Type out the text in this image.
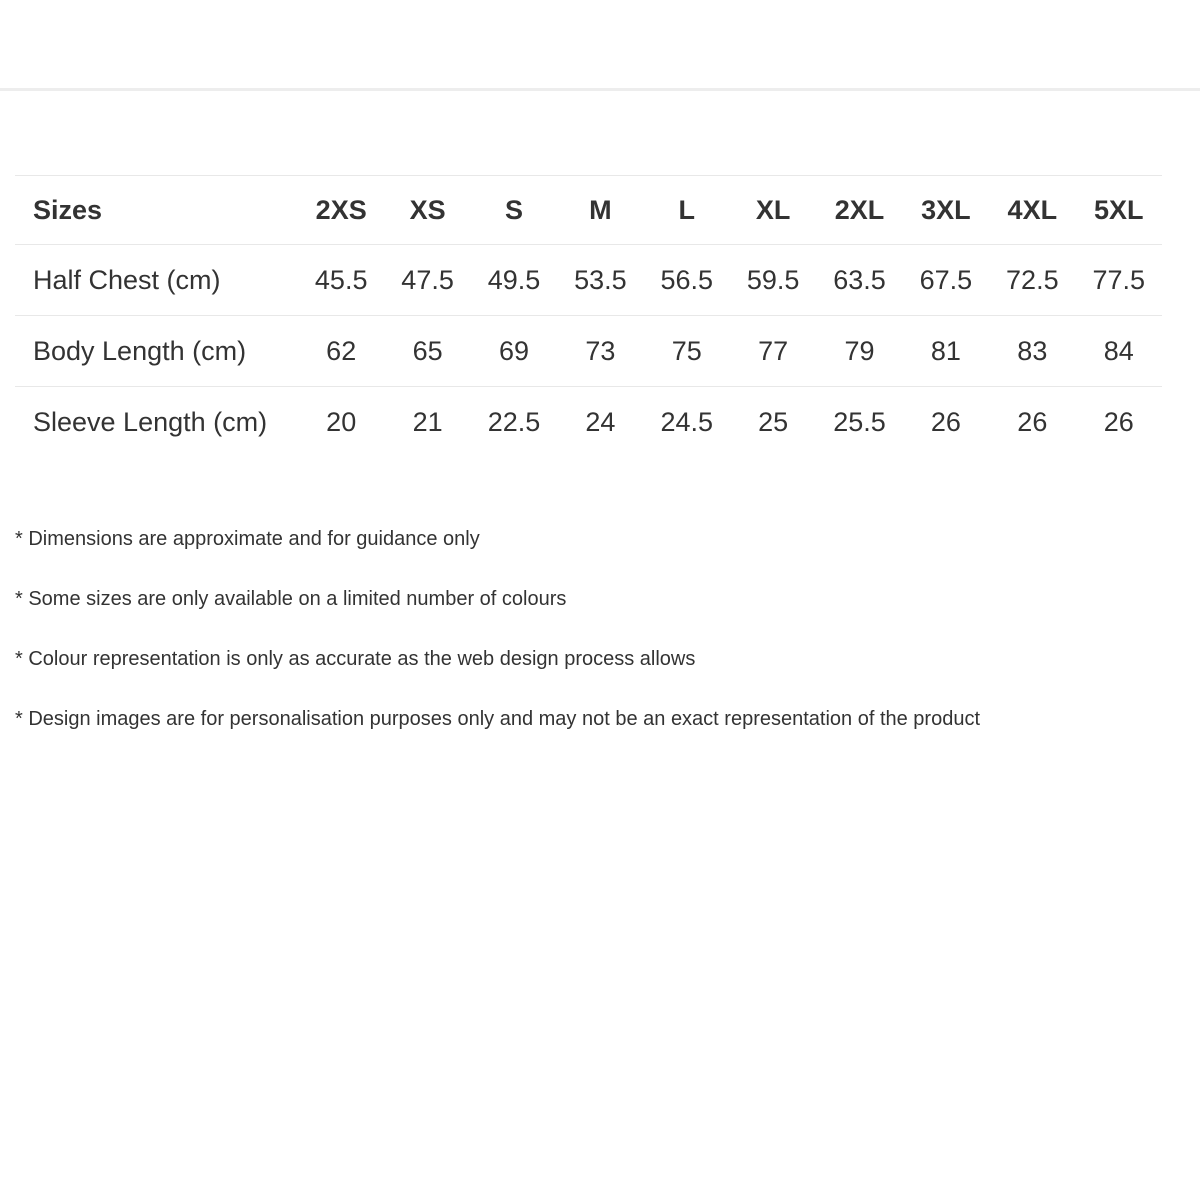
Sizes	2XS	XS	S	M	L	XL	2XL	3XL	4XL	5XL
Half Chest (cm)	45.5	47.5	49.5	53.5	56.5	59.5	63.5	67.5	72.5	77.5
Body Length (cm)	62	65	69	73	75	77	79	81	83	84
Sleeve Length (cm)	20	21	22.5	24	24.5	25	25.5	26	26	26

* Dimensions are approximate and for guidance only

* Some sizes are only available on a limited number of colours

* Colour representation is only as accurate as the web design process allows

* Design images are for personalisation purposes only and may not be an exact representation of the product
